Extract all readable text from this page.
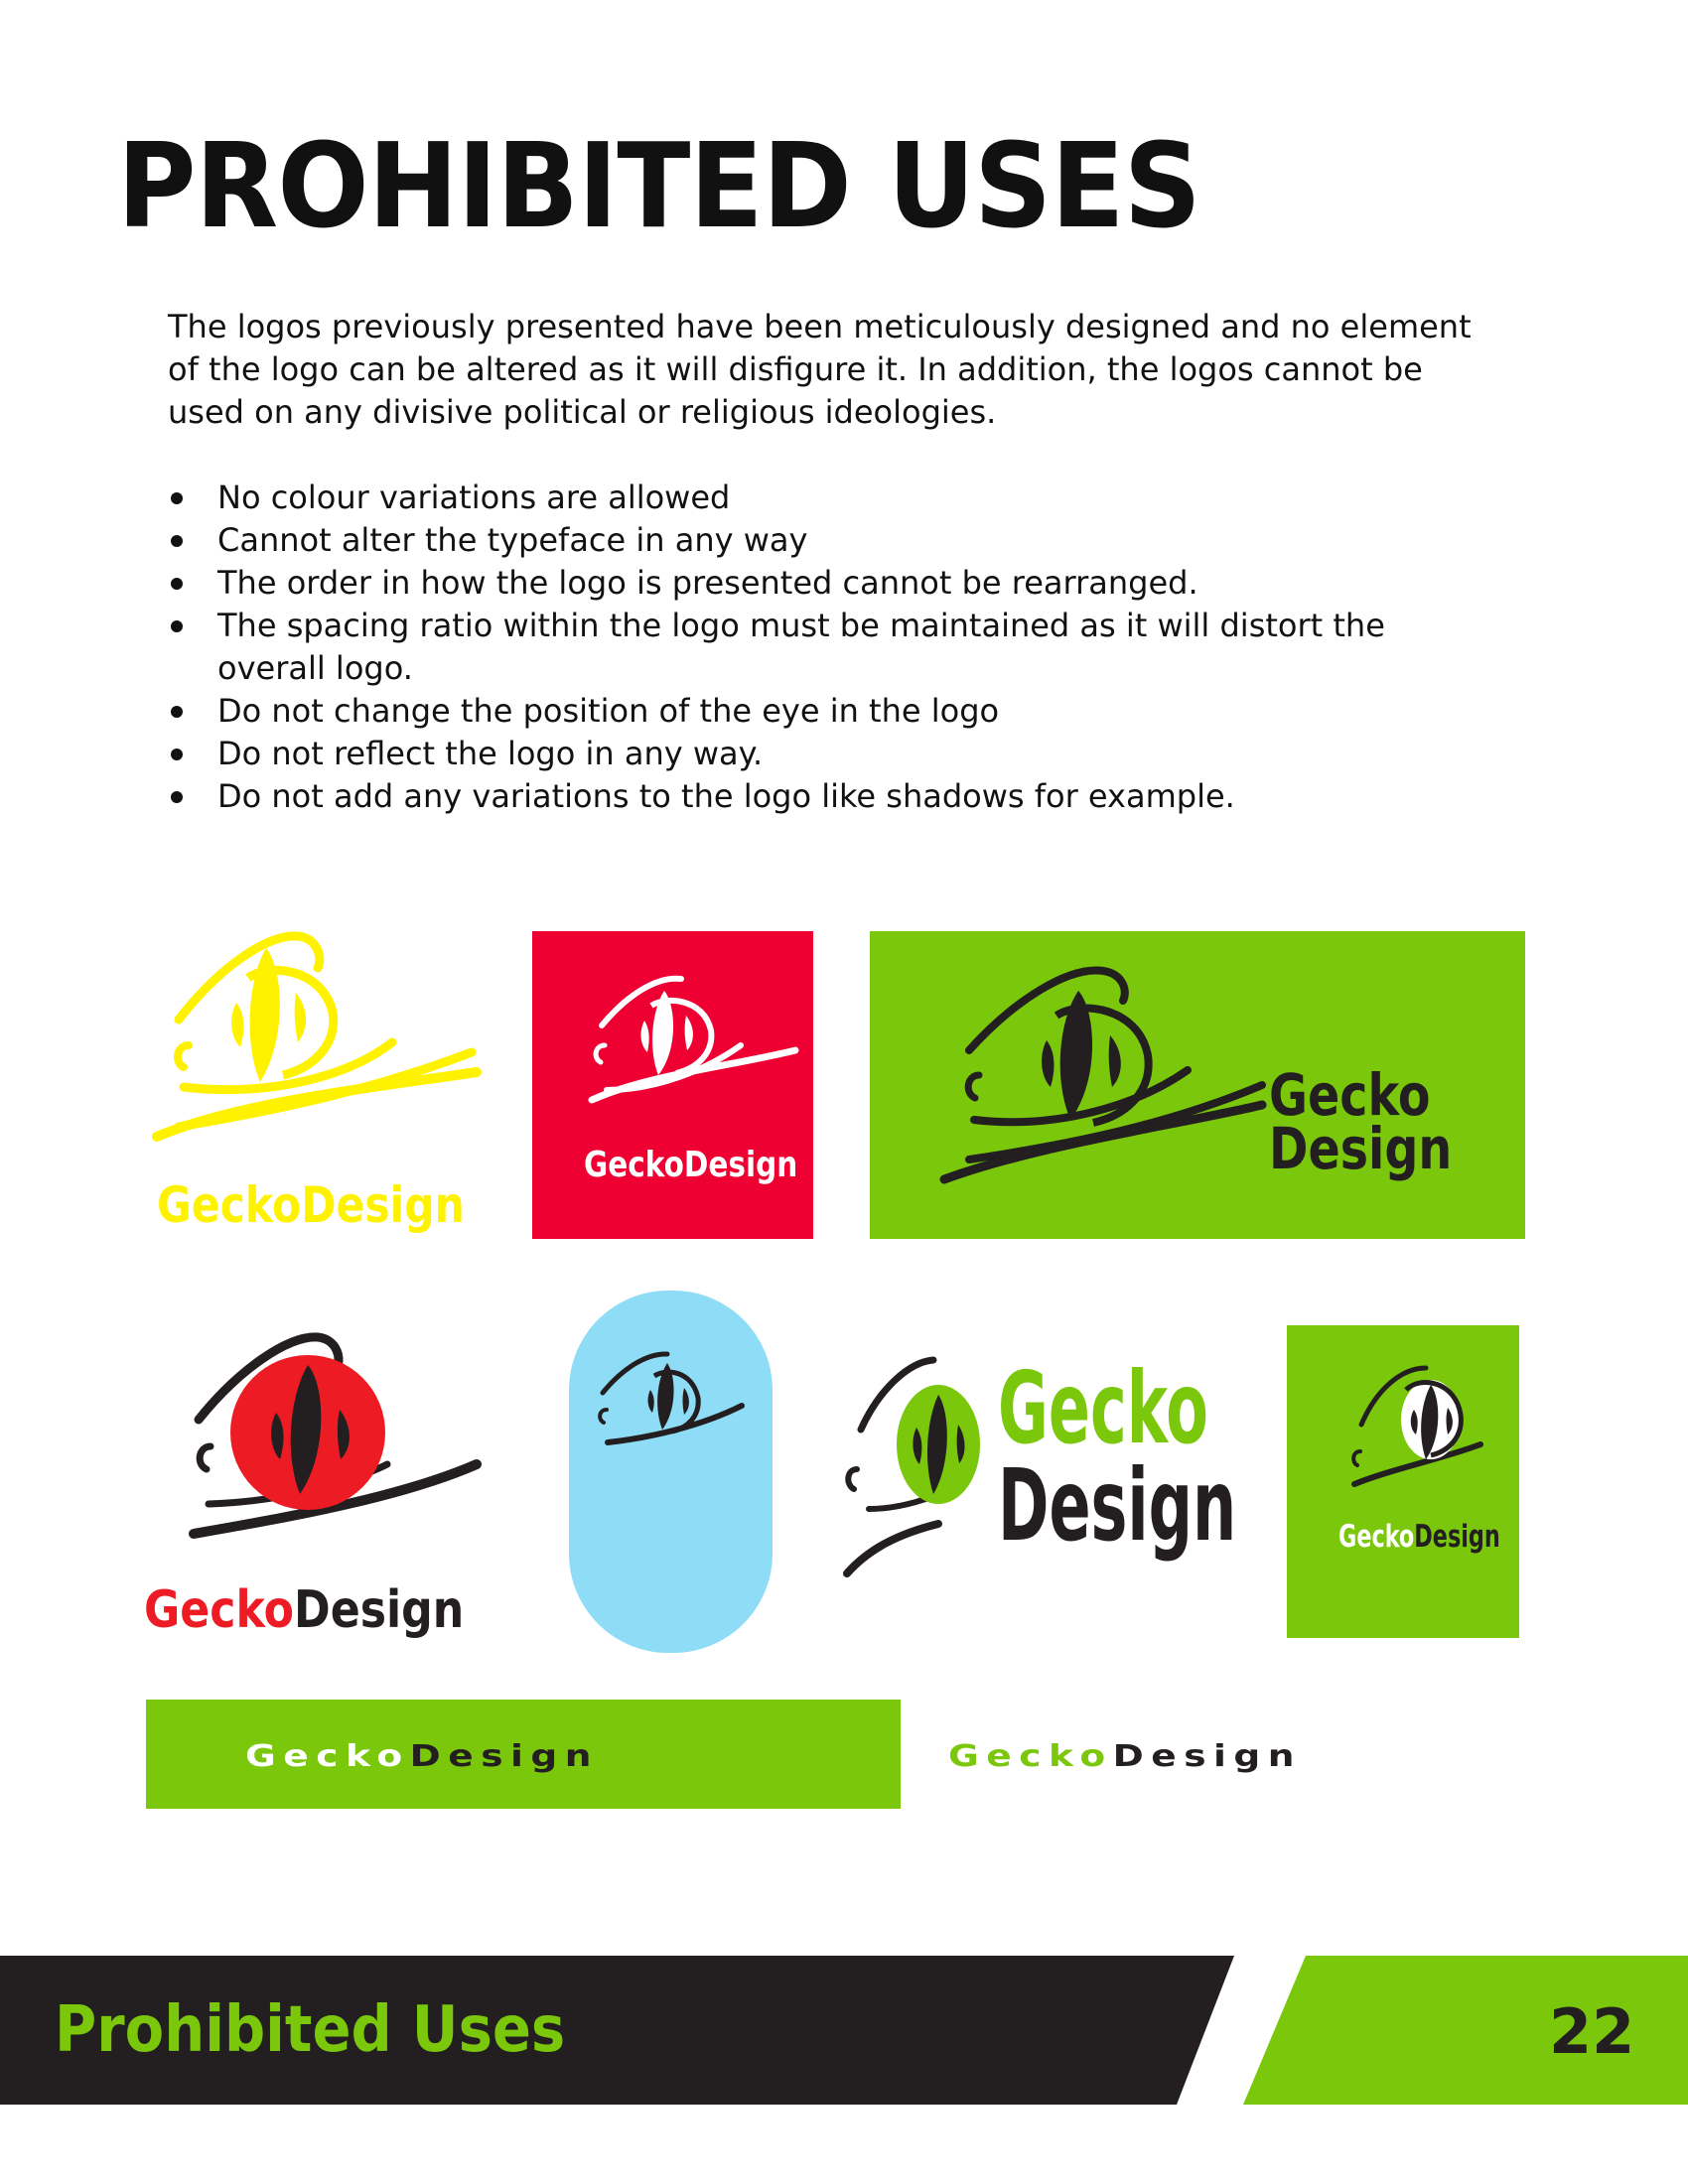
PROHIBITED USES

The logos previously presented have been meticulously designed and no element of the logo can be altered as it will disfigure it. In addition, the logos cannot be used on any divisive political or religious ideologies.

No colour variations are allowed
Cannot alter the typeface in any way
The order in how the logo is presented cannot be rearranged.
The spacing ratio within the logo must be maintained as it will distort the overall logo.
Do not change the position of the eye in the logo
Do not reflect the logo in any way.
Do not add any variations to the logo like shadows for example.
GeckoDesign
GeckoDesign
Gecko
Design
GeckoDesign
Gecko
Design	GeckoDesign
GeckoDesign	GeckoDesign
Prohibited Uses	22
